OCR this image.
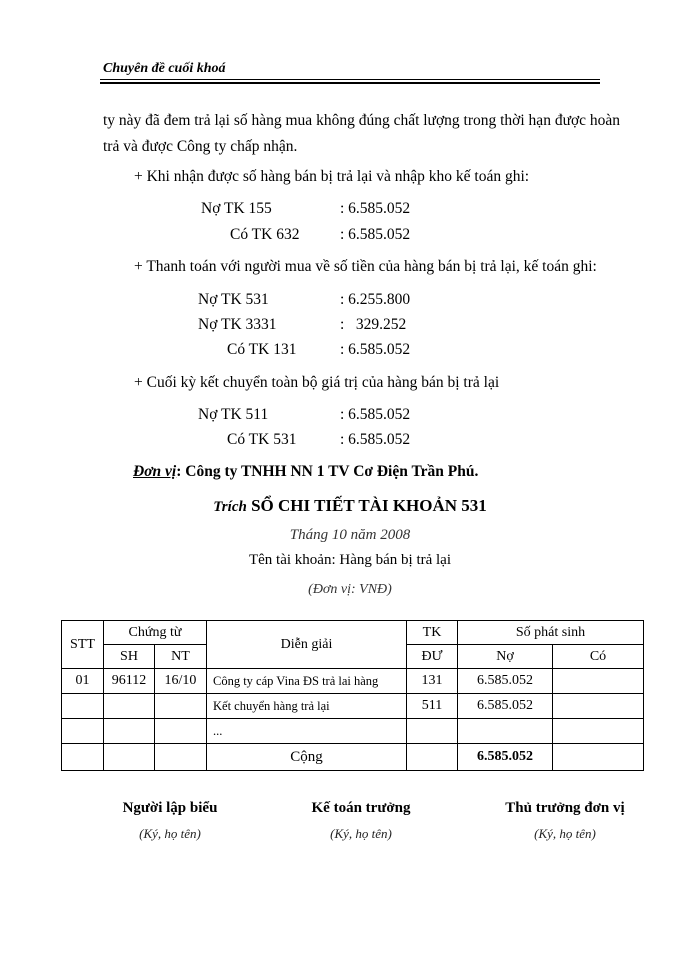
Chuyên đề cuối khoá
ty này đã đem trả lại số hàng mua không đúng chất lượng trong thời hạn được hoàn
trả và được Công ty chấp nhận.
+ Khi nhận được số hàng bán bị trả lại và nhập kho kế toán ghi:
Nợ TK 155	: 6.585.052
Có TK 632	: 6.585.052
+ Thanh toán với người mua về số tiền của hàng bán bị trả lại, kế toán ghi:
Nợ TK 531	: 6.255.800
Nợ TK 3331	:   329.252
Có TK 131	: 6.585.052
+ Cuối kỳ kết chuyển toàn bộ giá trị của hàng bán bị trả lại
Nợ TK 511	: 6.585.052
Có TK 531	: 6.585.052
Đơn vị: Công ty TNHH NN 1 TV Cơ Điện Trần Phú.
Trích SỔ CHI TIẾT TÀI KHOẢN 531
Tháng 10 năm 2008
Tên tài khoản: Hàng bán bị trả lại
(Đơn vị: VNĐ)
STT	Chứng từ		Diễn giải	TK	Số phát sinh	
	SH	NT		ĐƯ	Nợ	Có
01	96112	16/10	Công ty cáp Vina ĐS trả lai hàng	131	6.585.052	
			Kết chuyển hàng trả lại	511	6.585.052	
			...			
			Cộng		6.585.052	
Người lập biểu
(Ký, họ tên)
Kế toán trưởng
(Ký, họ tên)
Thủ trưởng đơn vị
(Ký, họ tên)
